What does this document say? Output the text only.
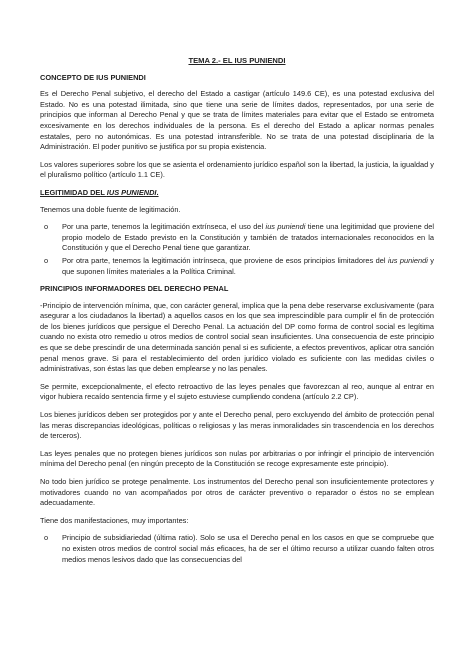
TEMA 2.- EL IUS PUNIENDI
CONCEPTO DE IUS PUNIENDI

Es el Derecho Penal subjetivo, el derecho del Estado a castigar (artículo 149.6 CE), es una potestad exclusiva del Estado. No es una potestad ilimitada, sino que tiene una serie de límites dados, representados, por una serie de principios que informan al Derecho Penal y que se trata de límites materiales para evitar que el Estado se entrometa excesivamente en los derechos individuales de la persona. Es el derecho del Estado a aplicar normas penales estatales, pero no autonómicas. Es una potestad intransferible. No se trata de una potestad disciplinaria de la Administración. El poder punitivo se justifica por su propia existencia.

Los valores superiores sobre los que se asienta el ordenamiento jurídico español son la libertad, la justicia, la igualdad y el pluralismo político (artículo 1.1 CE).

LEGITIMIDAD DEL IUS PUNIENDI.

Tenemos una doble fuente de legitimación.

o	Por una parte, tenemos la legitimación extrínseca, el uso del ius puniendi tiene una legitimidad que proviene del propio modelo de Estado previsto en la Constitución y también de tratados internacionales reconocidos en la Constitución y que el Derecho Penal tiene que garantizar.
o	Por otra parte, tenemos la legitimación intrínseca, que proviene de esos principios limitadores del ius puniendi y que suponen límites materiales a la Política Criminal.
PRINCIPIOS INFORMADORES DEL DERECHO PENAL

-Principio de intervención mínima, que, con carácter general, implica que la pena debe reservarse exclusivamente (para asegurar a los ciudadanos la libertad) a aquellos casos en los que sea imprescindible para cumplir el fin de protección de los bienes jurídicos que persigue el Derecho Penal. La actuación del DP como forma de control social es legítima cuando no exista otro remedio u otros medios de control social sean insuficientes. Una consecuencia de este principio es que se debe prescindir de una determinada sanción penal si es suficiente, a efectos preventivos, aplicar otra sanción penal menos grave. Si para el restablecimiento del orden jurídico violado es suficiente con las medidas civiles o administrativas, son éstas las que deben emplearse y no las penales.

Se permite, excepcionalmente, el efecto retroactivo de las leyes penales que favorezcan al reo, aunque al entrar en vigor hubiera recaído sentencia firme y el sujeto estuviese cumpliendo condena (artículo 2.2 CP).

Los bienes jurídicos deben ser protegidos por y ante el Derecho penal, pero excluyendo del ámbito de protección penal las meras discrepancias ideológicas, políticas o religiosas y las meras inmoralidades sin trascendencia en los derechos de terceros).

Las leyes penales que no protegen bienes jurídicos son nulas por arbitrarias o por infringir el principio de intervención mínima del Derecho penal (en ningún precepto de la Constitución se recoge expresamente este principio).

No todo bien jurídico se protege penalmente. Los instrumentos del Derecho penal son insuficientemente protectores y motivadores cuando no van acompañados por otros de carácter preventivo o reparador o éstos no se emplean adecuadamente.

Tiene dos manifestaciones, muy importantes:

o	Principio de subsidiariedad (última ratio). Solo se usa el Derecho penal en los casos en que se compruebe que no existen otros medios de control social más eficaces, ha de ser el último recurso a utilizar cuando falten otros medios menos lesivos dado que las consecuencias del
